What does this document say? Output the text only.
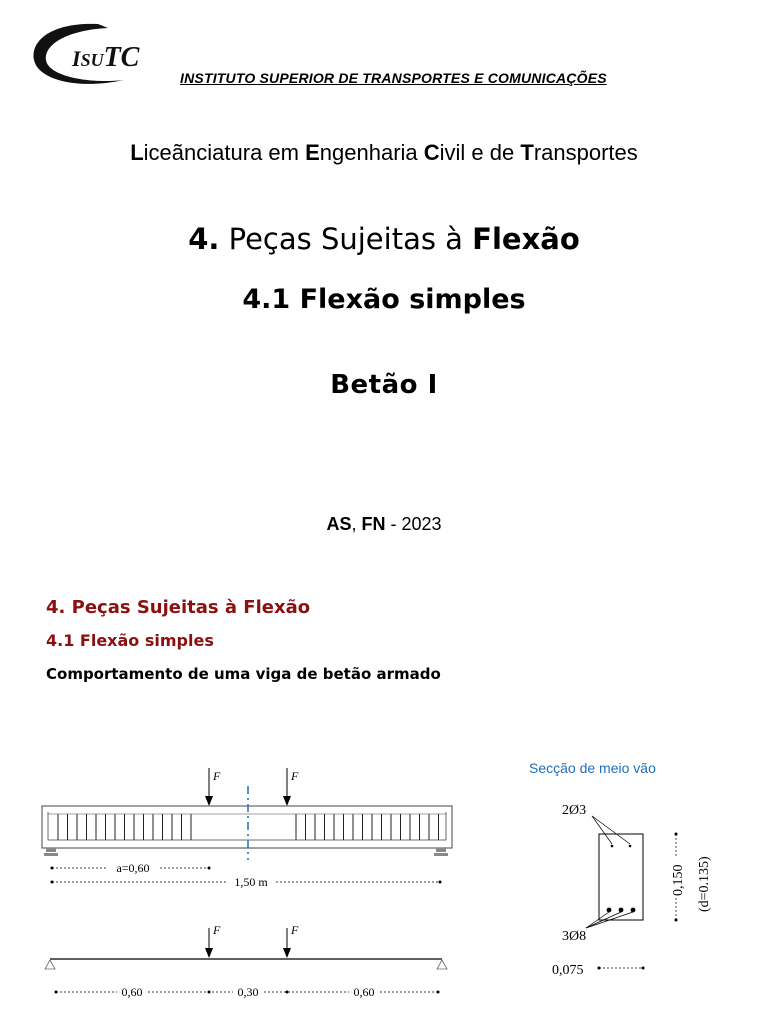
ISUTC
INSTITUTO SUPERIOR DE TRANSPORTES E COMUNICAÇÕES
Liceãnciatura em Engenharia Civil e de Transportes
4. Peças Sujeitas à Flexão
4.1 Flexão simples
Betão I
AS, FN - 2023
4. Peças Sujeitas à Flexão
4.1 Flexão simples
Comportamento de uma viga de betão armado
Secção de meio vão
F	F
a=0,60
1,50 m
F	F
0,60	0,30	0,60
2Ø3
3Ø8
0,150 (d=0.135)
0,075
